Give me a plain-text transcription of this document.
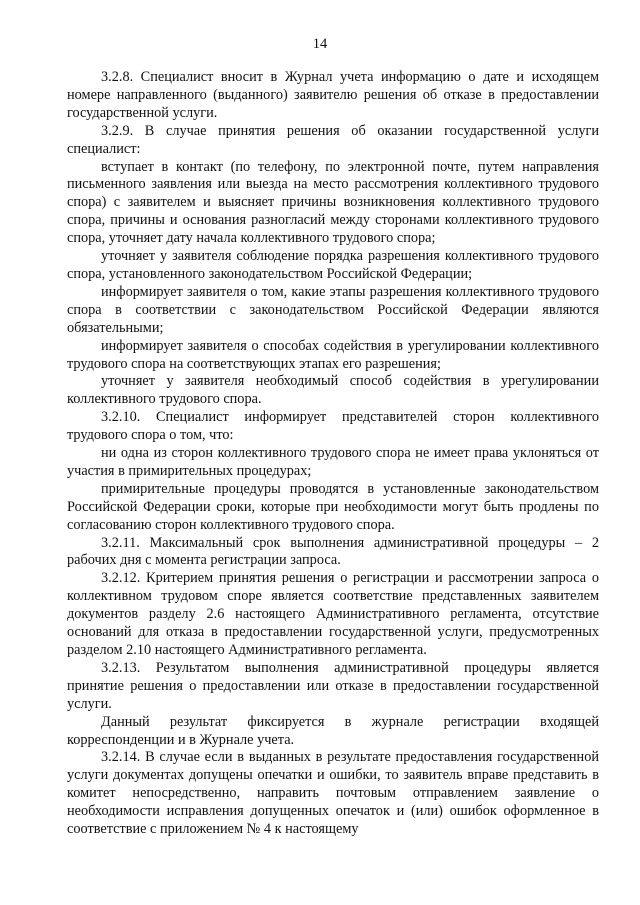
14

3.2.8. Специалист вносит в Журнал учета информацию о дате и исходящем номере направленного (выданного) заявителю решения об отказе в предоставлении государственной услуги.

3.2.9. В случае принятия решения об оказании государственной услуги специалист:

вступает в контакт (по телефону, по электронной почте, путем направления письменного заявления или выезда на место рассмотрения коллективного трудового спора) с заявителем и выясняет причины возникновения коллективного трудового спора, причины и основания разногласий между сторонами коллективного трудового спора, уточняет дату начала коллективного трудового спора;

уточняет у заявителя соблюдение порядка разрешения коллективного трудового спора, установленного законодательством Российской Федерации;

информирует заявителя о том, какие этапы разрешения коллективного трудового спора в соответствии с законодательством Российской Федерации являются обязательными;

информирует заявителя о способах содействия в урегулировании коллективного трудового спора на соответствующих этапах его разрешения;

уточняет у заявителя необходимый способ содействия в урегулировании коллективного трудового спора.

3.2.10. Специалист информирует представителей сторон коллективного трудового спора о том, что:

ни одна из сторон коллективного трудового спора не имеет права уклоняться от участия в примирительных процедурах;

примирительные процедуры проводятся в установленные законодательством Российской Федерации сроки, которые при необходимости могут быть продлены по согласованию сторон коллективного трудового спора.

3.2.11. Максимальный срок выполнения административной процедуры – 2 рабочих дня с момента регистрации запроса.

3.2.12. Критерием принятия решения о регистрации и рассмотрении запроса о коллективном трудовом споре является соответствие представленных заявителем документов разделу 2.6 настоящего Административного регламента, отсутствие оснований для отказа в предоставлении государственной услуги, предусмотренных разделом 2.10 настоящего Административного регламента.

3.2.13. Результатом выполнения административной процедуры является принятие решения о предоставлении или отказе в предоставлении государственной услуги.

Данный результат фиксируется в журнале регистрации входящей корреспонденции и в Журнале учета.

3.2.14. В случае если в выданных в результате предоставления государственной услуги документах допущены опечатки и ошибки, то заявитель вправе представить в комитет непосредственно, направить почтовым отправлением заявление о необходимости исправления допущенных опечаток и (или) ошибок оформленное в соответствие с приложением № 4 к настоящему
